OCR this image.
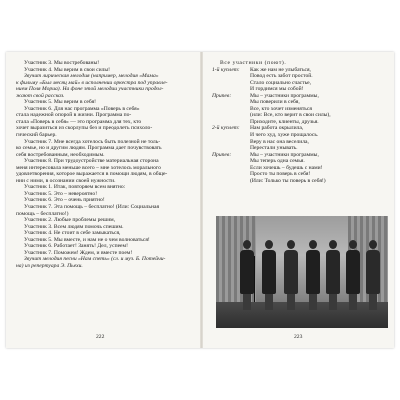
Участник 3. Мы востребованы!
Участник 4. Мы верим в свои силы!
Звучит лирическая мелодия (например, мелодия «Мама»
к фильму «Был месяц май» в исполнении оркестра под управле-
нием Поля Мориа). На фоне этой мелодии участники продол-
жают свой рассказ.
Участник 5. Мы верим в себя!
Участник 6. Для нас программа «Поверь в себя»
стала надежной опорой в жизни. Программа по-
стала «Поверь в себя» — это программа для тех, кто
хочет выразиться из скорлупы без и преодолеть психоло-
гический барьер.
Участник 7. Мне всегда хотелось быть полезной не толь-
ко семье, но и другим людям. Программа дает почувствовать
себя востребованным, необходимым.
Участник 8. При трудоустройстве материальная сторона
меня интересовала меньше всего – мне хотелось морального
удовлетворения, которое выражается в помощи людям, в обще-
нии с ними, в осознании своей нужности.
Участник 1. Итак, повторяем всем внятно:
Участник 5. Это – невероятно!
Участник 6. Это – очень приятно!
Участник 7. Эта помощь – бесплатно! (Или: Социальная
помощь – бесплатно!)
Участник 2. Любые проблемы решим,
Участник 3. Всем людям помочь спешим.
Участник 4. Не стоит в себе замыкаться,
Участник 5. Мы вместе, и нам не о чем волноваться!
Участник 6. Работает! Занять! Дел, успеем!
Участник 7. Поможем! Ждем, и вместе поем!
Звучит мелодия песни «Нам спеть» (сл. и муз. Б. Потейчи-
на) из репертуара Э. Пьехи.
222
Все участники (поют).
1-й куплет:	Как же нам не улыбаться,
Повод есть забот простой.
Стало социально счастье,
И гордимся мы собой!
Припев:	Мы – участники программы,
Мы поверили в себя,
Все, кто хочет изменяться
(или: Все, кто верит в свои силы),
Приходите, клиенты, друзья.
2-й куплет:	Нам работа окрылила,
И чего худ, хуже прощалось.
Веру в нас она веселила,
Перестали унывать.
Припев:	Мы – участники программы,
Мы теперь одна семья.
Если хочешь – будешь с нами!
Просто ты поверь в себя!
(Или: Только ты поверь в себя!)
223
